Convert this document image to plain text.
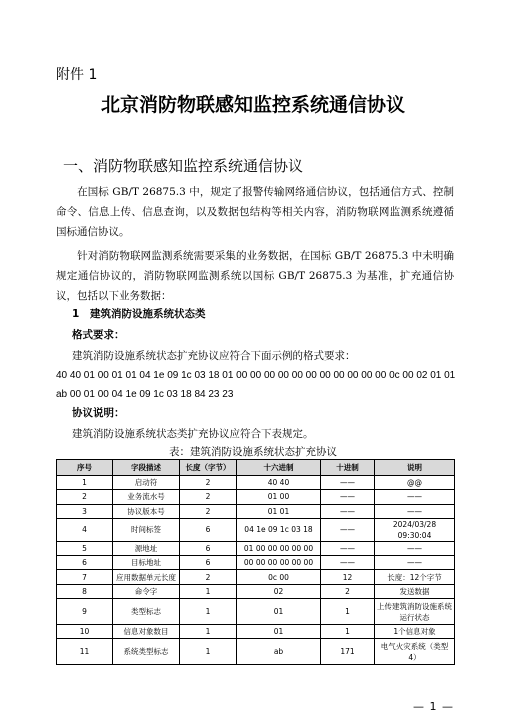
附件 1
北京消防物联感知监控系统通信协议
一、消防物联感知监控系统通信协议
在国标 GB/T 26875.3 中，规定了报警传输网络通信协议，包括通信方式、控制命令、信息上传、信息查询，以及数据包结构等相关内容，消防物联网监测系统遵循国标通信协议。
针对消防物联网监测系统需要采集的业务数据，在国标 GB/T 26875.3 中未明确规定通信协议的，消防物联网监测系统以国标 GB/T 26875.3 为基准，扩充通信协议，包括以下业务数据：
1 建筑消防设施系统状态类
格式要求：
建筑消防设施系统状态扩充协议应符合下面示例的格式要求：
40 40 01 00 01 01 04 1e 09 1c 03 18 01 00 00 00 00 00 00 00 00 00 00 00 0c 00 02 01 01 ab 00 01 00 04 1e 09 1c 03 18 84 23 23
协议说明：
建筑消防设施系统状态类扩充协议应符合下表规定。
表：建筑消防设施系统状态扩充协议
序号	字段描述	长度（字节）	十六进制	十进制	说明
1	启动符	2	40 40	——	@@
2	业务流水号	2	01 00	——	——
3	协议版本号	2	01 01	——	——
4	时间标签	6	04 1e 09 1c 03 18	——	2024/03/28 09:30:04
5	源地址	6	01 00 00 00 00 00	——	——
6	目标地址	6	00 00 00 00 00 00	——	——
7	应用数据单元长度	2	0c 00	12	长度：12个字节
8	命令字	1	02	2	发送数据
9	类型标志	1	01	1	上传建筑消防设施系统运行状态
10	信息对象数目	1	01	1	1个信息对象
11	系统类型标志	1	ab	171	电气火灾系统（类型4）
— 1 —
